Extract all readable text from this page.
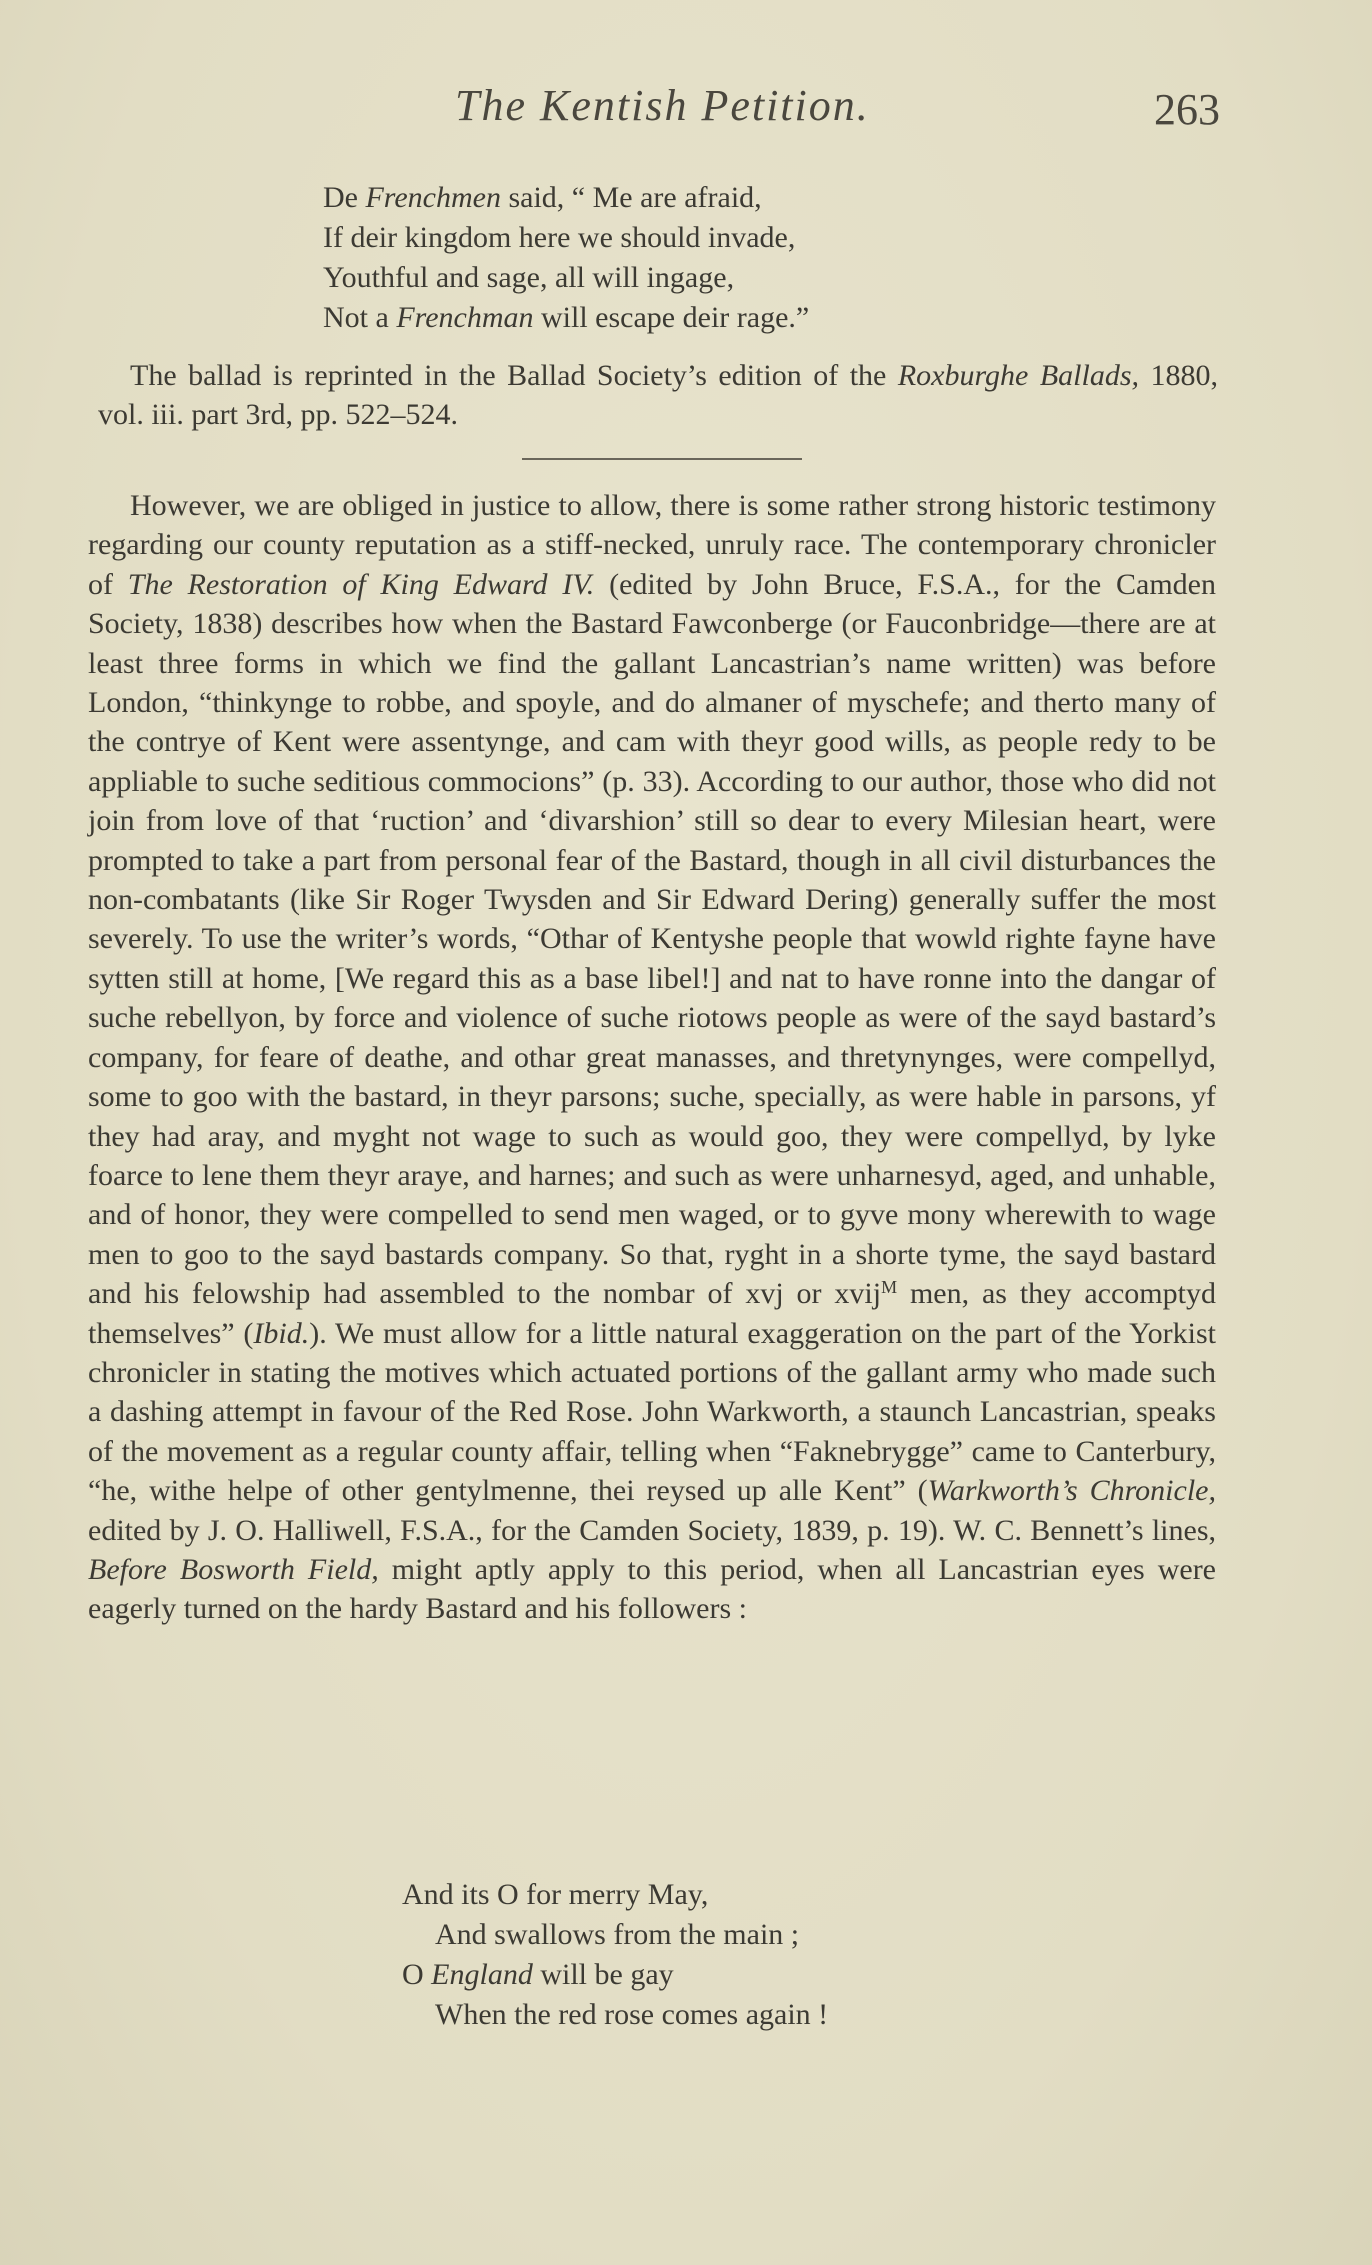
The Kentish Petition.	263
De Frenchmen said, “ Me are afraid,
If deir kingdom here we should invade,
Youthful and sage, all will ingage,
Not a Frenchman will escape deir rage.”
The ballad is reprinted in the Ballad Society’s edition of the Roxburghe Ballads, 1880, vol. iii. part 3rd, pp. 522–524.
However, we are obliged in justice to allow, there is some rather strong historic testimony regarding our county reputation as a stiff-necked, unruly race. The contemporary chronicler of The Restoration of King Edward IV. (edited by John Bruce, F.S.A., for the Camden Society, 1838) describes how when the Bastard Fawconberge (or Fauconbridge—there are at least three forms in which we find the gallant Lancastrian’s name written) was before London, “thinkynge to robbe, and spoyle, and do almaner of myschefe; and therto many of the contrye of Kent were assentynge, and cam with theyr good wills, as people redy to be appliable to suche seditious commocions” (p. 33). According to our author, those who did not join from love of that ‘ruction’ and ‘divarshion’ still so dear to every Milesian heart, were prompted to take a part from personal fear of the Bastard, though in all civil disturbances the non-combatants (like Sir Roger Twysden and Sir Edward Dering) generally suffer the most severely. To use the writer’s words, “Othar of Kentyshe people that wowld righte fayne have sytten still at home, [We regard this as a base libel!] and nat to have ronne into the dangar of suche rebellyon, by force and violence of suche riotows people as were of the sayd bastard’s company, for feare of deathe, and othar great manasses, and thretynynges, were compellyd, some to goo with the bastard, in theyr parsons; suche, specially, as were hable in parsons, yf they had aray, and myght not wage to such as would goo, they were compellyd, by lyke foarce to lene them theyr araye, and harnes; and such as were unharnesyd, aged, and unhable, and of honor, they were compelled to send men waged, or to gyve mony wherewith to wage men to goo to the sayd bastards company. So that, ryght in a shorte tyme, the sayd bastard and his felowship had assembled to the nombar of xvj or xvij$^M$ men, as they accomptyd themselves” (Ibid.). We must allow for a little natural exaggeration on the part of the Yorkist chronicler in stating the motives which actuated portions of the gallant army who made such a dashing attempt in favour of the Red Rose. John Warkworth, a staunch Lancastrian, speaks of the movement as a regular county affair, telling when “Faknebrygge” came to Canterbury, “he, withe helpe of other gentylmenne, thei reysed up alle Kent” (Warkworth’s Chronicle, edited by J. O. Halliwell, F.S.A., for the Camden Society, 1839, p. 19). W. C. Bennett’s lines, Before Bosworth Field, might aptly apply to this period, when all Lancastrian eyes were eagerly turned on the hardy Bastard and his followers :
And its O for merry May,
And swallows from the main ;
O England will be gay
When the red rose comes again !
